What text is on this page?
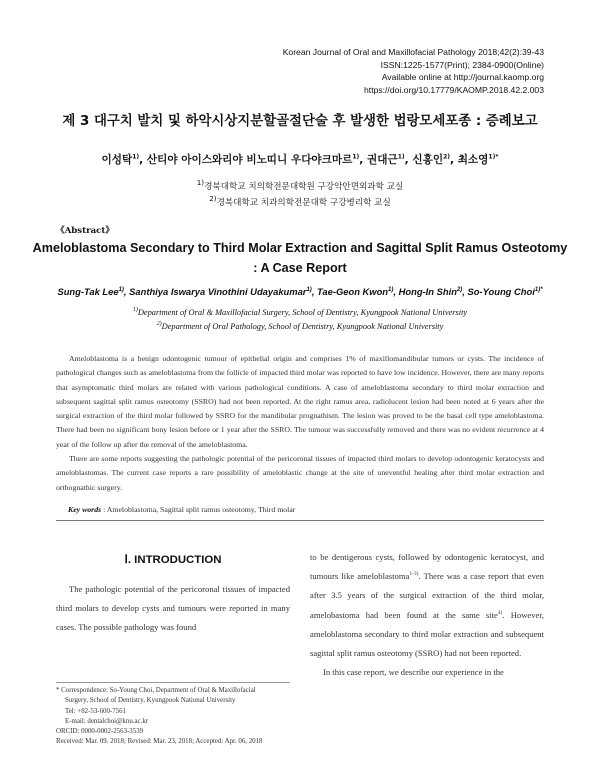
Korean Journal of Oral and Maxillofacial Pathology 2018;42(2):39-43
ISSN:1225-1577(Print); 2384-0900(Online)
Available online at http://journal.kaomp.org
https://doi.org/10.17779/KAOMP.2018.42.2.003
제 3 대구치 발치 및 하악시상지분할골절단술 후 발생한 법랑모세포종 : 증례보고
이성탁$^{1)}$, 산티야 아이스와리야 비노띠니 우다야크마르$^{1)}$, 권대근$^{1)}$, 신홍인$^{2)}$, 최소영$^{1)*}$
$^{1)}$경북대학교 치의학전문대학원 구강악안면외과학 교실
$^{2)}$경북대학교 치과의학전문대학 구강병리학 교실
《Abstract》
Ameloblastoma Secondary to Third Molar Extraction and Sagittal Split Ramus Osteotomy
: A Case Report
Sung-Tak Lee$^{1)}$, Santhiya Iswarya Vinothini Udayakumar$^{1)}$, Tae-Geon Kwon$^{1)}$, Hong-In Shin$^{2)}$, So-Young Choi$^{1)*}$
$^{1)}$Department of Oral & Maxillofacial Surgery, School of Dentistry, Kyungpook National University
$^{2)}$Department of Oral Pathology, School of Dentistry, Kyungpook National University

Ameloblastoma is a benign odontogenic tumour of epithelial origin and comprises 1% of maxillomandibular tumors or cysts. The incidence of pathological changes such as ameloblastoma from the follicle of impacted third molar was reported to have low incidence. However, there are many reports that asymptomatic third molars are related with various pathological conditions. A case of ameloblastoma secondary to third molar extraction and subsequent sagittal split ramus osteotomy (SSRO) had not been reported. At the right ramus area, radiolucent lesion had been noted at 6 years after the surgical extraction of the third molar followed by SSRO for the mandibular prognathism. The lesion was proved to be the basal cell type ameloblastoma. There had been no significant bony lesion before or 1 year after the SSRO. The tumour was successfully removed and there was no evident recurrence at 4 year of the follow up after the removal of the ameloblastoma.

There are some reports suggesting the pathologic potential of the pericoronal tissues of impacted third molars to develop odontogenic keratocysts and ameloblastomas. The current case reports a rare possibility of ameloblastic change at the site of uneventful healing after third molar extraction and orthognathic surgery.

Key words : Ameloblastoma, Sagittal split ramus osteotomy, Third molar
Ⅰ. INTRODUCTION

The pathologic potential of the pericoronal tissues of impacted third molars to develop cysts and tumours were reported in many cases. The possible pathology was found

to be dentigerous cysts, followed by odontogenic keratocyst, and tumours like ameloblastoma$^{1-3)}$. There was a case report that even after 3.5 years of the surgical extraction of the third molar, amelobastoma had been found at the same site$^{4)}$. However, ameloblastoma secondary to third molar extraction and subsequent sagittal split ramus osteotomy (SSRO) had not been reported.

In this case report, we describe our experience in the

* Correspondence: So-Young Choi, Department of Oral & Maxillofacial
Surgery, School of Dentistry, Kyungpook National University
Tel: +82-53-600-7561
E-mail: dentalchoi@knu.ac.kr
ORCID: 0000-0002-2563-3539
Received: Mar. 09. 2018; Revised: Mar. 23, 2018; Accepted: Apr. 06, 2018
